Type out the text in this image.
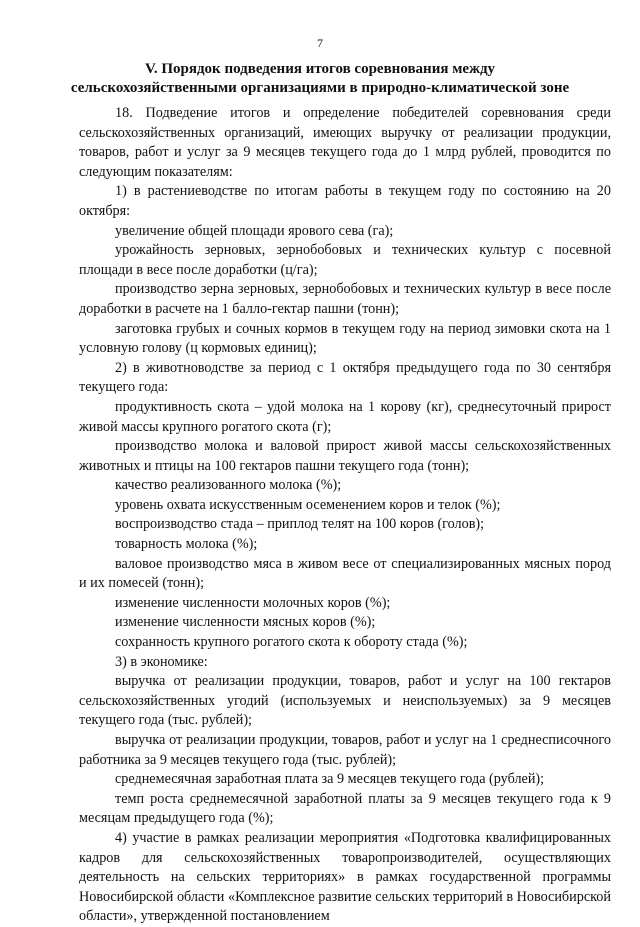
7
V. Порядок подведения итогов соревнования между
сельскохозяйственными организациями в природно-климатической зоне

18. Подведение итогов и определение победителей соревнования среди сельскохозяйственных организаций, имеющих выручку от реализации продукции, товаров, работ и услуг за 9 месяцев текущего года до 1 млрд рублей, проводится по следующим показателям:

1) в растениеводстве по итогам работы в текущем году по состоянию на 20 октября:

увеличение общей площади ярового сева (га);

урожайность зерновых, зернобобовых и технических культур с посевной площади в весе после доработки (ц/га);

производство зерна зерновых, зернобобовых и технических культур в весе после доработки в расчете на 1 балло-гектар пашни (тонн);

заготовка грубых и сочных кормов в текущем году на период зимовки скота на 1 условную голову (ц кормовых единиц);

2) в животноводстве за период с 1 октября предыдущего года по 30 сентября текущего года:

продуктивность скота – удой молока на 1 корову (кг), среднесуточный прирост живой массы крупного рогатого скота (г);

производство молока и валовой прирост живой массы сельскохозяйственных животных и птицы на 100 гектаров пашни текущего года (тонн);

качество реализованного молока (%);

уровень охвата искусственным осеменением коров и телок (%);

воспроизводство стада – приплод телят на 100 коров (голов);

товарность молока (%);

валовое производство мяса в живом весе от специализированных мясных пород и их помесей (тонн);

изменение численности молочных коров (%);

изменение численности мясных коров (%);

сохранность крупного рогатого скота к обороту стада (%);

3) в экономике:

выручка от реализации продукции, товаров, работ и услуг на 100 гектаров сельскохозяйственных угодий (используемых и неиспользуемых) за 9 месяцев текущего года (тыс. рублей);

выручка от реализации продукции, товаров, работ и услуг на 1 среднесписочного работника за 9 месяцев текущего года (тыс. рублей);

среднемесячная заработная плата за 9 месяцев текущего года (рублей);

темп роста среднемесячной заработной платы за 9 месяцев текущего года к 9 месяцам предыдущего года (%);

4) участие в рамках реализации мероприятия «Подготовка квалифицированных кадров для сельскохозяйственных товаропроизводителей, осуществляющих деятельность на сельских территориях» в рамках государственной программы Новосибирской области «Комплексное развитие сельских территорий в Новосибирской области», утвержденной постановлением
